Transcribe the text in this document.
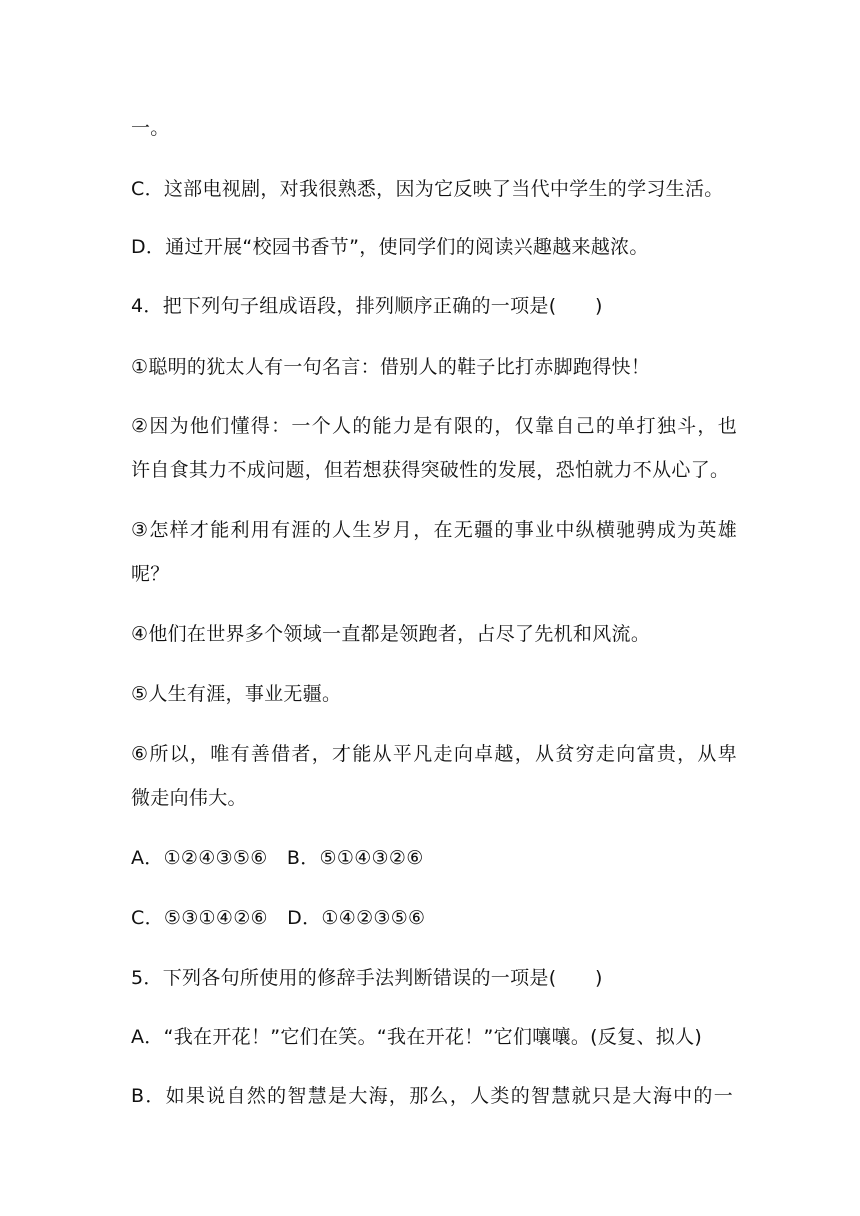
一。
C．这部电视剧，对我很熟悉，因为它反映了当代中学生的学习生活。
D．通过开展“校园书香节”，使同学们的阅读兴趣越来越浓。
4．把下列句子组成语段，排列顺序正确的一项是(　　)
①聪明的犹太人有一句名言：借别人的鞋子比打赤脚跑得快！
②因为他们懂得：一个人的能力是有限的，仅靠自己的单打独斗，也
许自食其力不成问题，但若想获得突破性的发展，恐怕就力不从心了。
③怎样才能利用有涯的人生岁月，在无疆的事业中纵横驰骋成为英雄
呢？
④他们在世界多个领域一直都是领跑者，占尽了先机和风流。
⑤人生有涯，事业无疆。
⑥所以，唯有善借者，才能从平凡走向卓越，从贫穷走向富贵，从卑
微走向伟大。
A．①②④③⑤⑥　B．⑤①④③②⑥
C．⑤③①④②⑥　D．①④②③⑤⑥
5．下列各句所使用的修辞手法判断错误的一项是(　　)
A．“我在开花！”它们在笑。“我在开花！”它们嚷嚷。(反复、拟人)
B．如果说自然的智慧是大海，那么，人类的智慧就只是大海中的一
